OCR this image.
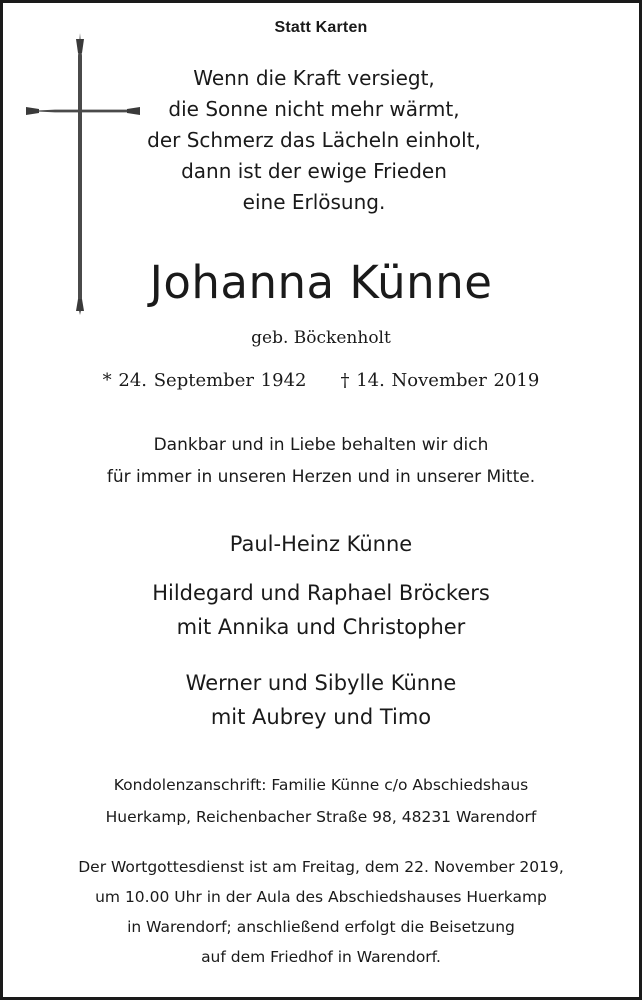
Statt Karten
Wenn die Kraft versiegt,
die Sonne nicht mehr wärmt,
der Schmerz das Lächeln einholt,
dann ist der ewige Frieden
eine Erlösung.
Johanna Künne
geb. Böckenholt
* 24. September 1942 † 14. November 2019
Dankbar und in Liebe behalten wir dich
für immer in unseren Herzen und in unserer Mitte.
Paul-Heinz Künne
Hildegard und Raphael Bröckers
mit Annika und Christopher
Werner und Sibylle Künne
mit Aubrey und Timo
Kondolenzanschrift: Familie Künne c/o Abschiedshaus
Huerkamp, Reichenbacher Straße 98, 48231 Warendorf
Der Wortgottesdienst ist am Freitag, dem 22. November 2019,
um 10.00 Uhr in der Aula des Abschiedshauses Huerkamp
in Warendorf; anschließend erfolgt die Beisetzung
auf dem Friedhof in Warendorf.
